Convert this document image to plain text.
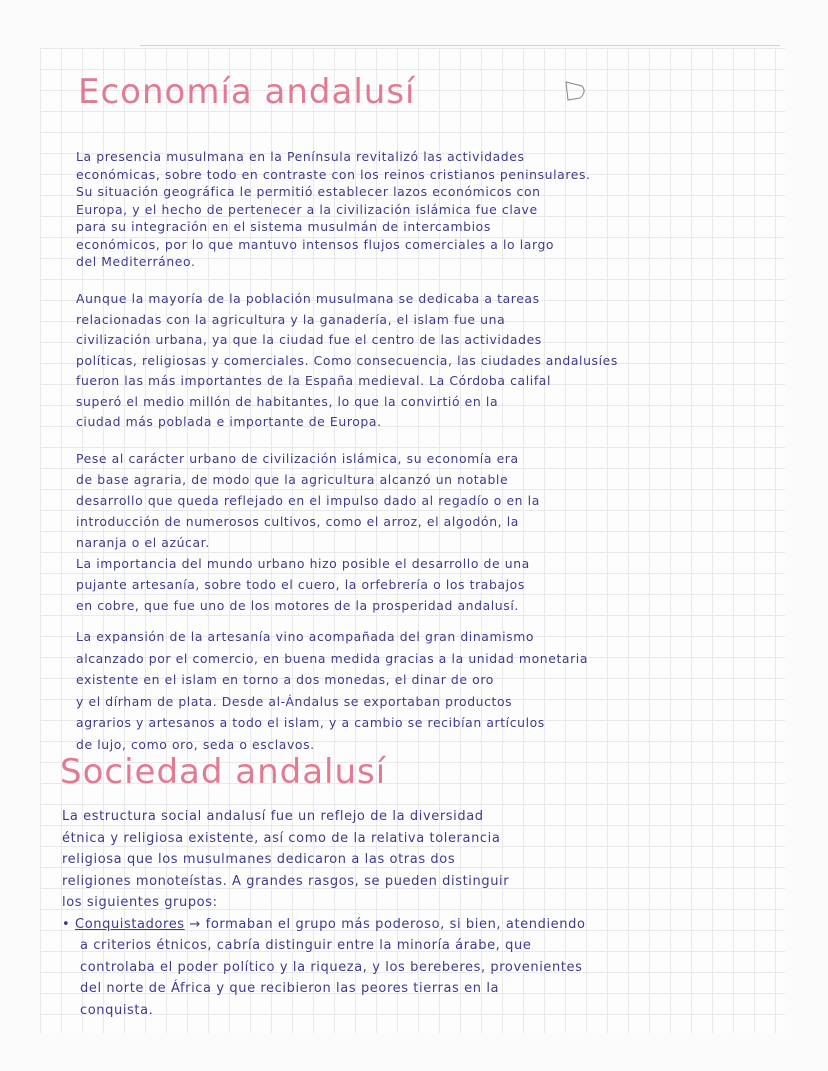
Economía andalusí
La presencia musulmana en la Península revitalizó las actividades
económicas, sobre todo en contraste con los reinos cristianos peninsulares.
Su situación geográfica le permitió establecer lazos económicos con
Europa, y el hecho de pertenecer a la civilización islámica fue clave
para su integración en el sistema musulmán de intercambios
económicos, por lo que mantuvo intensos flujos comerciales a lo largo
del Mediterráneo.
Aunque la mayoría de la población musulmana se dedicaba a tareas
relacionadas con la agricultura y la ganadería, el islam fue una
civilización urbana, ya que la ciudad fue el centro de las actividades
políticas, religiosas y comerciales. Como consecuencia, las ciudades andalusíes
fueron las más importantes de la España medieval. La Córdoba califal
superó el medio millón de habitantes, lo que la convirtió en la
ciudad más poblada e importante de Europa.
Pese al carácter urbano de civilización islámica, su economía era
de base agraria, de modo que la agricultura alcanzó un notable
desarrollo que queda reflejado en el impulso dado al regadío o en la
introducción de numerosos cultivos, como el arroz, el algodón, la
naranja o el azúcar.
La importancia del mundo urbano hizo posible el desarrollo de una
pujante artesanía, sobre todo el cuero, la orfebrería o los trabajos
en cobre, que fue uno de los motores de la prosperidad andalusí.
La expansión de la artesanía vino acompañada del gran dinamismo
alcanzado por el comercio, en buena medida gracias a la unidad monetaria
existente en el islam en torno a dos monedas, el dinar de oro
y el dírham de plata. Desde al-Ándalus se exportaban productos
agrarios y artesanos a todo el islam, y a cambio se recibían artículos
de lujo, como oro, seda o esclavos.
Sociedad andalusí
La estructura social andalusí fue un reflejo de la diversidad
étnica y religiosa existente, así como de la relativa tolerancia
religiosa que los musulmanes dedicaron a las otras dos
religiones monoteístas. A grandes rasgos, se pueden distinguir
los siguientes grupos:
• Conquistadores → formaban el grupo más poderoso, si bien, atendiendo
a criterios étnicos, cabría distinguir entre la minoría árabe, que
controlaba el poder político y la riqueza, y los bereberes, provenientes
del norte de África y que recibieron las peores tierras en la
conquista.
